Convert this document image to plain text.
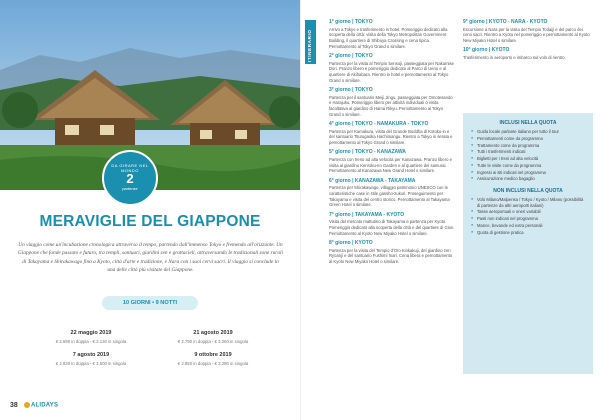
DA GIRARE NEL MONDO
2
partenze
MERAVIGLIE DEL GIAPPONE
Un viaggio come un'incubazione cronologica attraverso il tempo, partendo dall'immenso Tokyo e fremendo all'orizzonte. Un Giappone che fonde passato e futuro, tra templi, santuari, giardini zen e grattacieli, attraversando le tradizionali zone rurali di Takayama e Shirakawago fino a Kyoto, città d'arte e tradizione, e Nara con i suoi cervi sacri. Il viaggio si conclude in una delle città più visitate del Giappone.
10 GIORNI • 9 NOTTI
22 maggio 2019
€ 2.690 in doppia - € 3.130 in singola
21 agosto 2019
€ 2.790 in doppia - € 3.260 in singola
7 agosto 2019
€ 2.930 in doppia - € 3.500 in singola
9 ottobre 2019
€ 2.850 in doppia - € 3.280 in singola
38	ALIDAYS
ITINERARIO
1° giorno | TOKYO
Arrivo a Tokyo e trasferimento in hotel. Pomeriggio dedicato alla scoperta della città: visita della Tokyo Metropolitan Government Building, il quartiere di Shibuya Crossing e cena tipica. Pernottamento al Tokyo Grand o similare.
2° giorno | TOKYO
Partenza per la visita al Tempio Sensoji, passeggiata per Nakamise Dori. Pranzo libero e pomeriggio dedicato al Parco di Ueno e al quartiere di Akihabara. Rientro in hotel e pernottamento al Tokyo Grand o similare.
3° giorno | TOKYO
Partenza per il santuario Meiji Jingu, passeggiata per Omotesando e Harajuku. Pomeriggio libero per attività individuali o visita facoltativa al giardino di Hama Rikyu. Pernottamento al Tokyo Grand o similare.
4° giorno | TOKYO - NAMAKURA - TOKYO
Partenza per Kamakura, visita del Grande Buddha di Kotoku-in e del santuario Tsurugaoka Hachimangu. Rientro a Tokyo in serata e pernottamento al Tokyo Grand o similare.
5° giorno | TOKYO - KANAZAWA
Partenza con treno ad alta velocità per Kanazawa. Pranzo libero e visita al giardino Kenroku-en Garden e al quartiere dei samurai. Pernottamento al Kanazawa New Grand Hotel o similare.
6° giorno | KANAZAWA - TAKAYAMA
Partenza per Shirakawago, villaggio patrimonio UNESCO con le caratteristiche case in stile gassho-zukuri. Proseguimento per Takayama e visita del centro storico. Pernottamento al Takayama Green Hotel o similare.
7° giorno | TAKAYAMA - KYOTO
Visita del mercato mattutino di Takayama e partenza per Kyoto. Pomeriggio dedicato alla scoperta della città e del quartiere di Gion. Pernottamento al Kyoto New Miyako Hotel o similare.
8° giorno | KYOTO
Partenza per la visita del Tempio d'Oro Kinkakuji, del giardino zen Ryoanji e del santuario Fushimi Inari. Cena libera e pernottamento al Kyoto New Miyako Hotel o similare.
9° giorno | KYOTO - NARA - KYOTO
Escursione a Nara per la visita del Tempio Todaiji e del parco dei cervi sacri. Rientro a Kyoto nel pomeriggio e pernottamento al Kyoto New Miyako Hotel o similare.
10° giorno | KYOTO
Trasferimento in aeroporto e imbarco sul volo di rientro.
INCLUSI NELLA QUOTA
● Guida locale parlante italiano per tutto il tour
● Pernottamenti come da programma
● Trattamento come da programma
● Tutti i trasferimenti indicati
● Biglietti per i treni ad alta velocità
● Tutte le visite come da programma
● Ingressi ai siti indicati nel programma
● Assicurazione medico bagaglio
NON INCLUSI NELLA QUOTA
● Volo Milano/Malpensa / Tokyo / Kyoto / Milano (possibilità di partenze da altri aeroporti italiani)
● Tasse aeroportuali e oneri variabili
● Pasti non indicati nel programma
● Mance, bevande ed extra personali
● Quota di gestione pratica
